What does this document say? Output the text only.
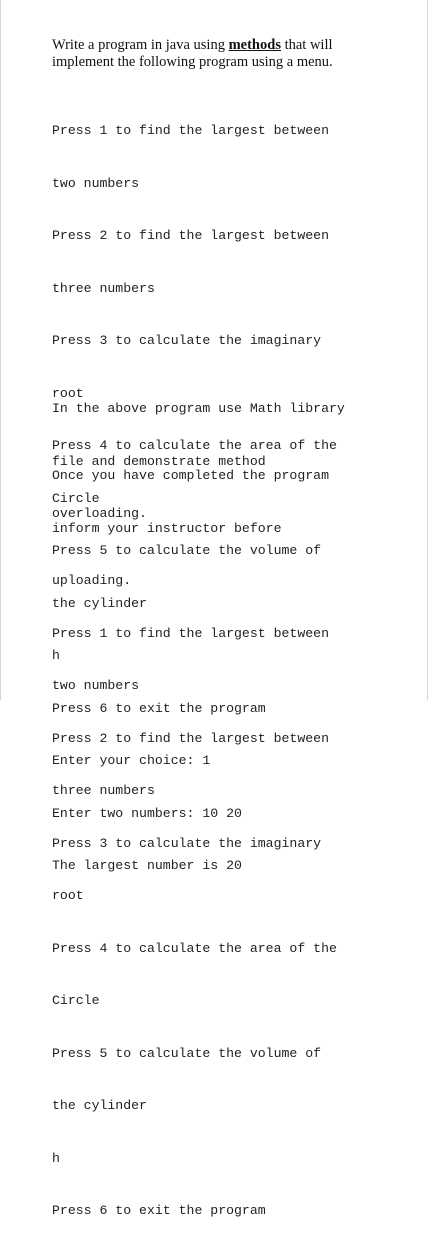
Write a program in java using methods that will
implement the following program using a menu.

Press 1 to find the largest between

two numbers

Press 2 to find the largest between

three numbers

Press 3 to calculate the imaginary

root

Press 4 to calculate the area of the

Circle

Press 5 to calculate the volume of

the cylinder

h

Press 6 to exit the program

Enter your choice: 1

Enter two numbers: 10 20

The largest number is 20

In the above program use Math library

file and demonstrate method

overloading.

Once you have completed the program

inform your instructor before

uploading.

Press 1 to find the largest between

two numbers

Press 2 to find the largest between

three numbers

Press 3 to calculate the imaginary

root

Press 4 to calculate the area of the

Circle

Press 5 to calculate the volume of

the cylinder

h

Press 6 to exit the program
